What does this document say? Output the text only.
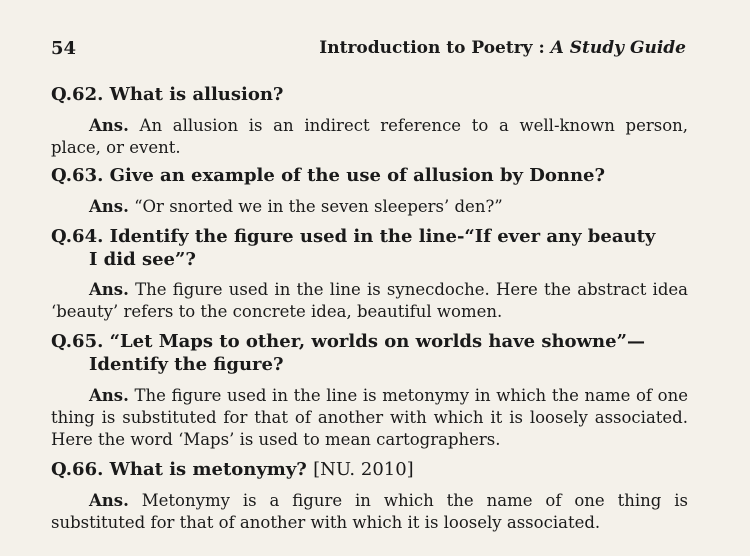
54	Introduction to Poetry : A Study Guide

Q.62. What is allusion?

Ans. An allusion is an indirect reference to a well-known person, place, or event.

Q.63. Give an example of the use of allusion by Donne?

Ans. “Or snorted we in the seven sleepers’ den?”

Q.64. Identify the figure used in the line-“If ever any beauty
I did see”?

Ans. The figure used in the line is synecdoche. Here the abstract idea ‘beauty’ refers to the concrete idea, beautiful women.

Q.65. “Let Maps to other, worlds on worlds have showne”—
Identify the figure?

Ans. The figure used in the line is metonymy in which the name of one thing is substituted for that of another with which it is loosely associated. Here the word ‘Maps’ is used to mean cartographers.

Q.66. What is metonymy? [NU. 2010]

Ans. Metonymy is a figure in which the name of one thing is substituted for that of another with which it is loosely associated.
